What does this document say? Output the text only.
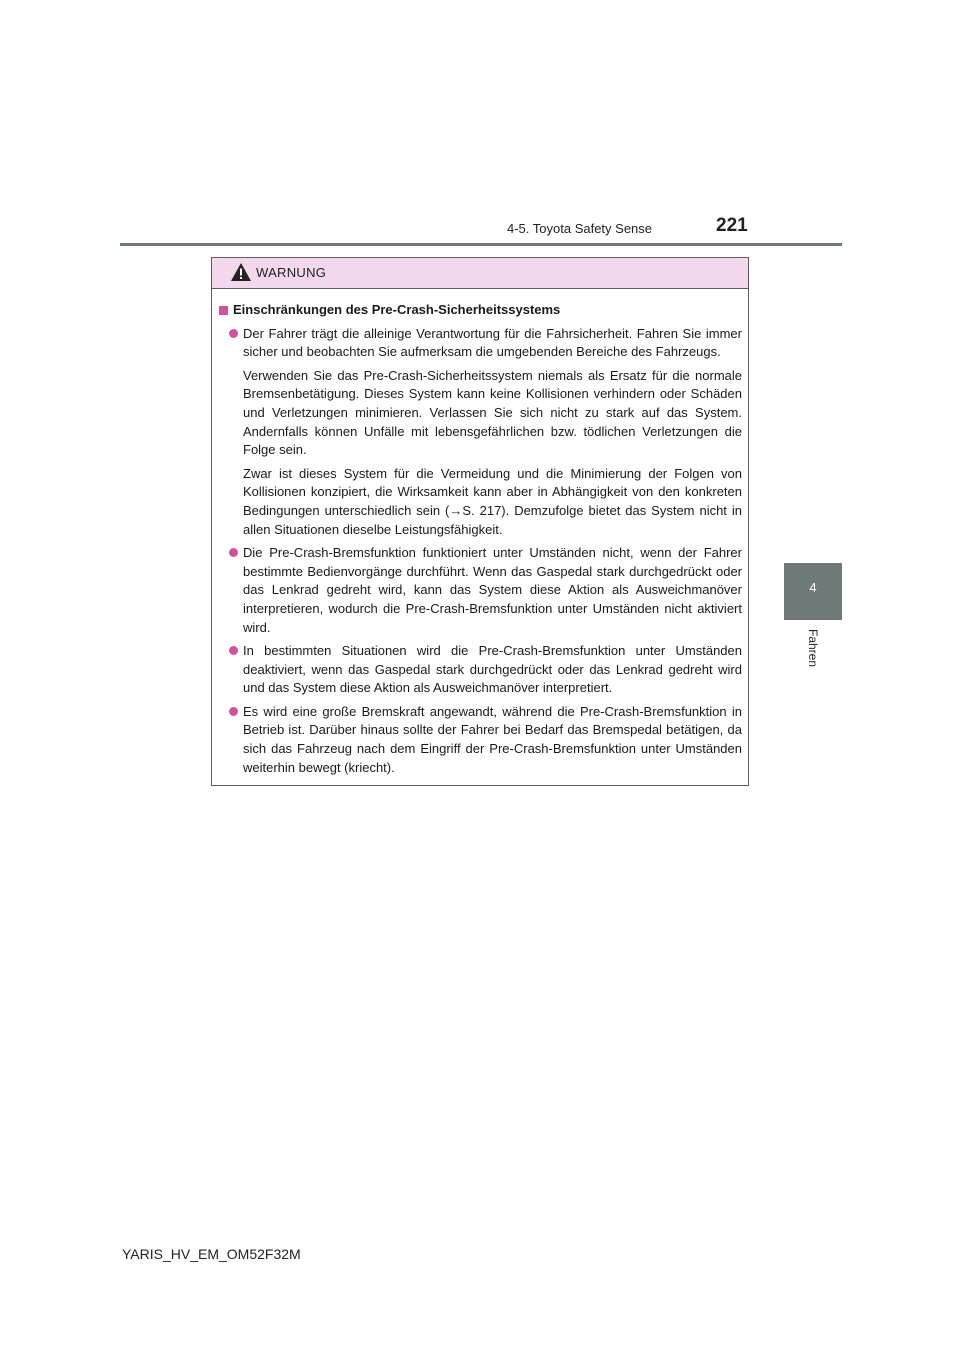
4-5. Toyota Safety Sense	221
4
Fahren
WARNUNG
Einschränkungen des Pre-Crash-Sicherheitssystems
Der Fahrer trägt die alleinige Verantwortung für die Fahrsicherheit. Fahren Sie immer sicher und beobachten Sie aufmerksam die umgebenden Bereiche des Fahrzeugs.
Verwenden Sie das Pre-Crash-Sicherheitssystem niemals als Ersatz für die normale Bremsenbetätigung. Dieses System kann keine Kollisionen verhindern oder Schäden und Verletzungen minimieren. Verlassen Sie sich nicht zu stark auf das System. Andernfalls können Unfälle mit lebensgefährlichen bzw. tödlichen Verletzungen die Folge sein.
Zwar ist dieses System für die Vermeidung und die Minimierung der Folgen von Kollisionen konzipiert, die Wirksamkeit kann aber in Abhängigkeit von den konkreten Bedingungen unterschiedlich sein (→S. 217). Demzufolge bietet das System nicht in allen Situationen dieselbe Leistungsfähigkeit.
Die Pre-Crash-Bremsfunktion funktioniert unter Umständen nicht, wenn der Fahrer bestimmte Bedienvorgänge durchführt. Wenn das Gaspedal stark durchgedrückt oder das Lenkrad gedreht wird, kann das System diese Aktion als Ausweichmanöver interpretieren, wodurch die Pre-Crash-Bremsfunktion unter Umständen nicht aktiviert wird.
In bestimmten Situationen wird die Pre-Crash-Bremsfunktion unter Umständen deaktiviert, wenn das Gaspedal stark durchgedrückt oder das Lenkrad gedreht wird und das System diese Aktion als Ausweichmanöver interpretiert.
Es wird eine große Bremskraft angewandt, während die Pre-Crash-Bremsfunktion in Betrieb ist. Darüber hinaus sollte der Fahrer bei Bedarf das Bremspedal betätigen, da sich das Fahrzeug nach dem Eingriff der Pre-Crash-Bremsfunktion unter Umständen weiterhin bewegt (kriecht).
YARIS_HV_EM_OM52F32M
